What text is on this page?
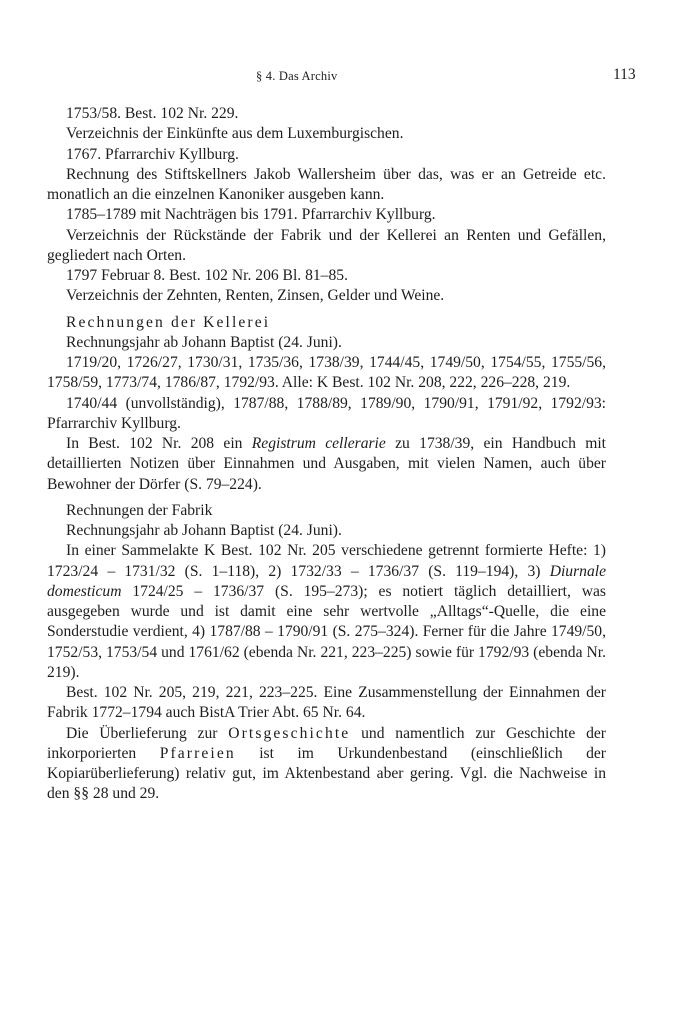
§ 4. Das Archiv	113

1753/58. Best. 102 Nr. 229.

Verzeichnis der Einkünfte aus dem Luxemburgischen.

1767. Pfarrarchiv Kyllburg.

Rechnung des Stiftskellners Jakob Wallersheim über das, was er an Getreide etc. monatlich an die einzelnen Kanoniker ausgeben kann.

1785–1789 mit Nachträgen bis 1791. Pfarrarchiv Kyllburg.

Verzeichnis der Rückstände der Fabrik und der Kellerei an Renten und Gefällen, gegliedert nach Orten.

1797 Februar 8. Best. 102 Nr. 206 Bl. 81–85.

Verzeichnis der Zehnten, Renten, Zinsen, Gelder und Weine.

Rechnungen der Kellerei

Rechnungsjahr ab Johann Baptist (24. Juni).

1719/20, 1726/27, 1730/31, 1735/36, 1738/39, 1744/45, 1749/50, 1754/55, 1755/56, 1758/59, 1773/74, 1786/87, 1792/93. Alle: K Best. 102 Nr. 208, 222, 226–228, 219.

1740/44 (unvollständig), 1787/88, 1788/89, 1789/90, 1790/91, 1791/92, 1792/93: Pfarrarchiv Kyllburg.

In Best. 102 Nr. 208 ein Registrum cellerarie zu 1738/39, ein Handbuch mit detaillierten Notizen über Einnahmen und Ausgaben, mit vielen Namen, auch über Bewohner der Dörfer (S. 79–224).

Rechnungen der Fabrik

Rechnungsjahr ab Johann Baptist (24. Juni).

In einer Sammelakte K Best. 102 Nr. 205 verschiedene getrennt formierte Hefte: 1) 1723/24 – 1731/32 (S. 1–118), 2) 1732/33 – 1736/37 (S. 119–194), 3) Diurnale domesticum 1724/25 – 1736/37 (S. 195–273); es notiert täglich detailliert, was ausgegeben wurde und ist damit eine sehr wertvolle „Alltags“-Quelle, die eine Sonderstudie verdient, 4) 1787/88 – 1790/91 (S. 275–324). Ferner für die Jahre 1749/50, 1752/53, 1753/54 und 1761/62 (ebenda Nr. 221, 223–225) sowie für 1792/93 (ebenda Nr. 219).

Best. 102 Nr. 205, 219, 221, 223–225. Eine Zusammenstellung der Einnahmen der Fabrik 1772–1794 auch BistA Trier Abt. 65 Nr. 64.

Die Überlieferung zur Ortsgeschichte und namentlich zur Geschichte der inkorporierten Pfarreien ist im Urkundenbestand (einschließlich der Kopiarüberlieferung) relativ gut, im Aktenbestand aber gering. Vgl. die Nachweise in den §§ 28 und 29.
